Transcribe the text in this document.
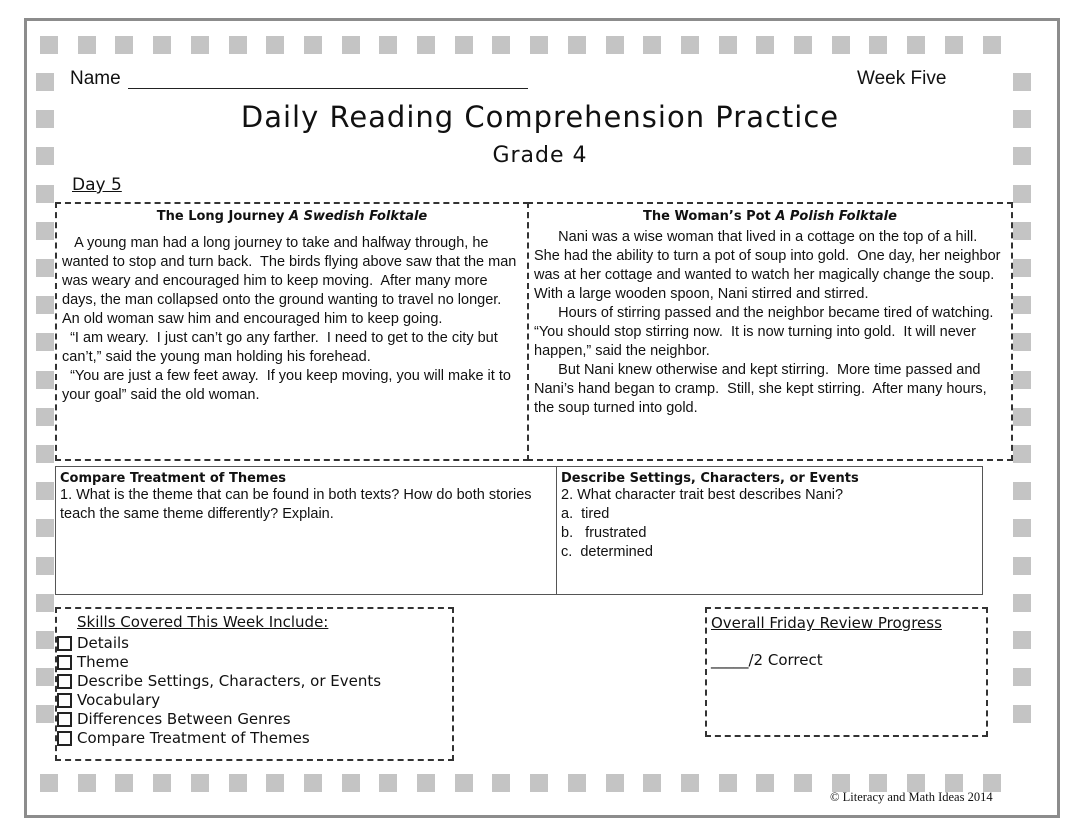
Name	Week Five
Daily Reading Comprehension Practice
Grade 4
Day 5
The Long Journey A Swedish Folktale

A young man had a long journey to take and halfway through, he wanted to stop and turn back.  The birds flying above saw that the man was weary and encouraged him to keep moving.  After many more days, the man collapsed onto the ground wanting to travel no longer.  An old woman saw him and encouraged him to keep going.

“I am weary.  I just can’t go any farther.  I need to get to the city but can’t,” said the young man holding his forehead.

“You are just a few feet away.  If you keep moving, you will make it to your goal” said the old woman.

The Woman’s Pot A Polish Folktale

Nani was a wise woman that lived in a cottage on the top of a hill.  She had the ability to turn a pot of soup into gold.  One day, her neighbor was at her cottage and wanted to watch her magically change the soup.  With a large wooden spoon, Nani stirred and stirred.

Hours of stirring passed and the neighbor became tired of watching.  “You should stop stirring now.  It is now turning into gold.  It will never happen,” said the neighbor.

But Nani knew otherwise and kept stirring.  More time passed and Nani’s hand began to cramp.  Still, she kept stirring.  After many hours, the soup turned into gold.

Compare Treatment of Themes
1. What is the theme that can be found in both texts? How do both stories teach the same theme differently? Explain.
Describe Settings, Characters, or Events
2. What character trait best describes Nani?
a.  tired
b.   frustrated
c.  determined
Skills Covered This Week Include:
Details
Theme
Describe Settings, Characters, or Events
Vocabulary
Differences Between Genres
Compare Treatment of Themes
Overall Friday Review Progress
_____/2 Correct
© Literacy and Math Ideas 2014
